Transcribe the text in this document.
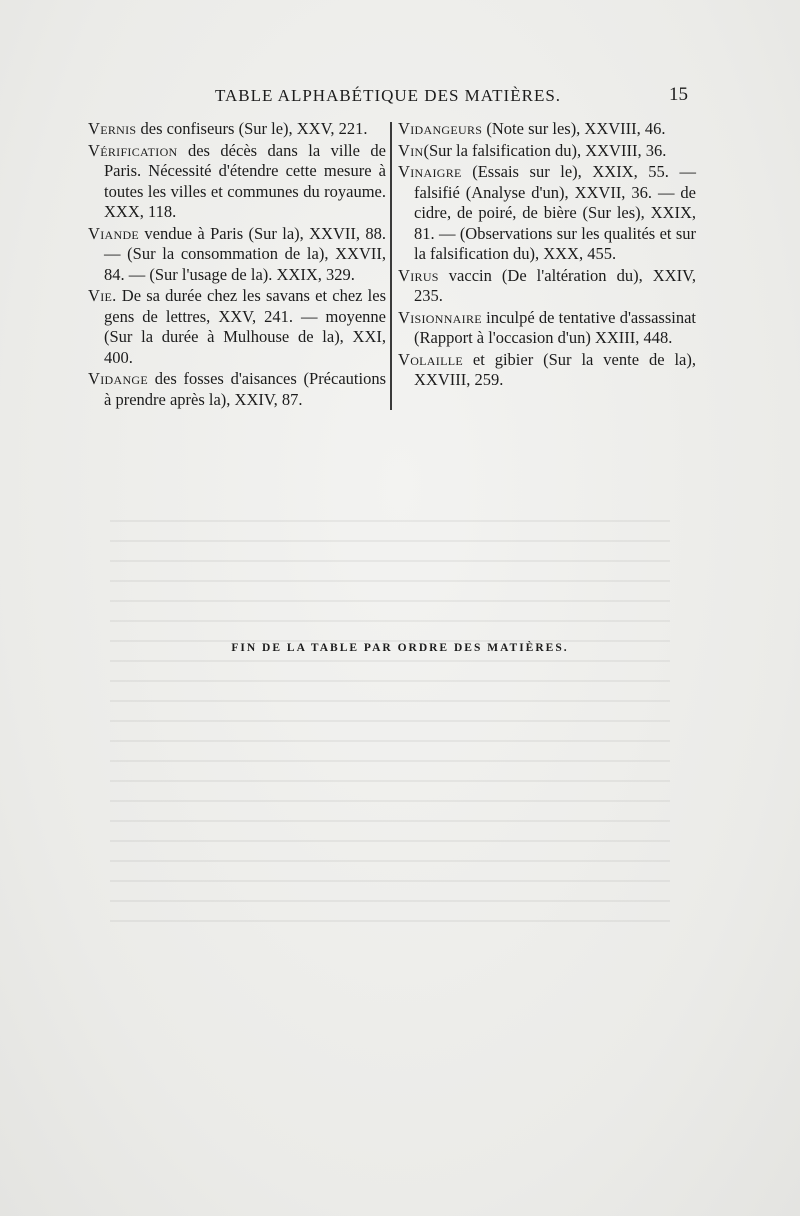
TABLE ALPHABÉTIQUE DES MATIÈRES.	15

Vernis des confiseurs (Sur le), XXV, 221.

Vérification des décès dans la ville de Paris. Nécessité d'étendre cette mesure à toutes les villes et communes du royaume. XXX, 118.

Viande vendue à Paris (Sur la), XXVII, 88. — (Sur la consommation de la), XXVII, 84. — (Sur l'usage de la). XXIX, 329.

Vie. De sa durée chez les savans et chez les gens de lettres, XXV, 241. — moyenne (Sur la durée à Mulhouse de la), XXI, 400.

Vidange des fosses d'aisances (Précautions à prendre après la), XXIV, 87.

Vidangeurs (Note sur les), XXVIII, 46.

Vin(Sur la falsification du), XXVIII, 36.

Vinaigre (Essais sur le), XXIX, 55. —falsifié (Analyse d'un), XXVII, 36. — de cidre, de poiré, de bière (Sur les), XXIX, 81. — (Observations sur les qualités et sur la falsification du), XXX, 455.

Virus vaccin (De l'altération du), XXIV, 235.

Visionnaire inculpé de tentative d'assassinat (Rapport à l'occasion d'un) XXIII, 448.

Volaille et gibier (Sur la vente de la), XXVIII, 259.

FIN DE LA TABLE PAR ORDRE DES MATIÈRES.
